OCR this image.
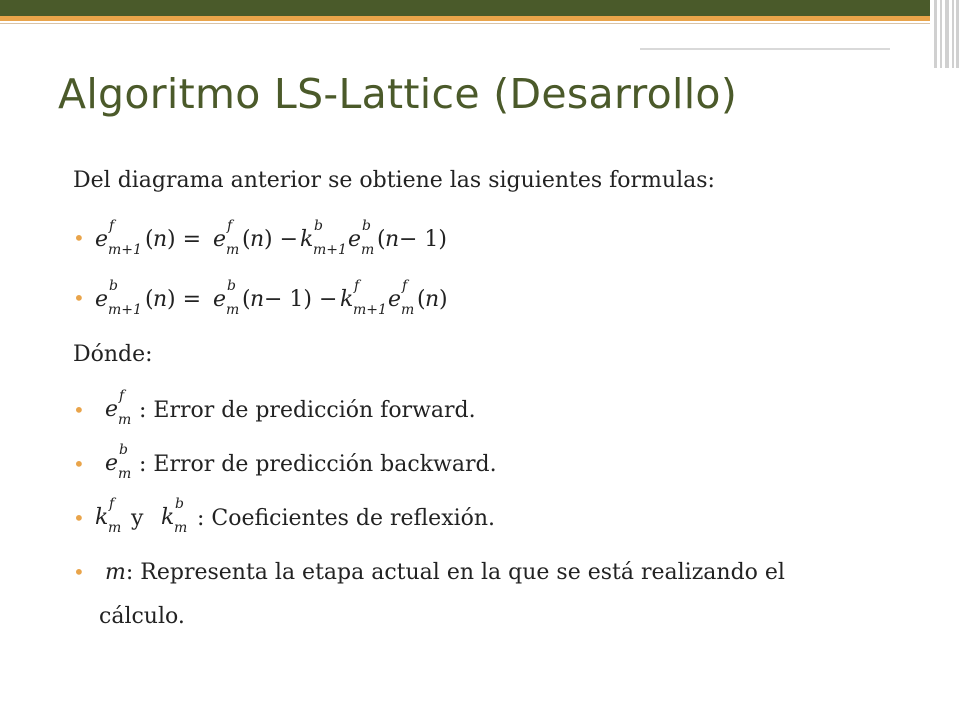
Algoritmo LS-Lattice (Desarrollo)
Del diagrama anterior se obtiene las siguientes formulas:
• e
f
m+1 ( n ) = e
f
m ( n ) − k
b
m+1 e
b
m ( n − 1)
• e
b
m+1 ( n ) = e
b
m ( n − 1) − k
f
m+1 e
f
m ( n )
Dónde:
• e
f
m : Error de predicción forward.
• e
b
m : Error de predicción backward.
• k
f
m y k
b
m : Coeficientes de reflexión.
• m: Representa la etapa actual en la que se está realizando el
cálculo.
